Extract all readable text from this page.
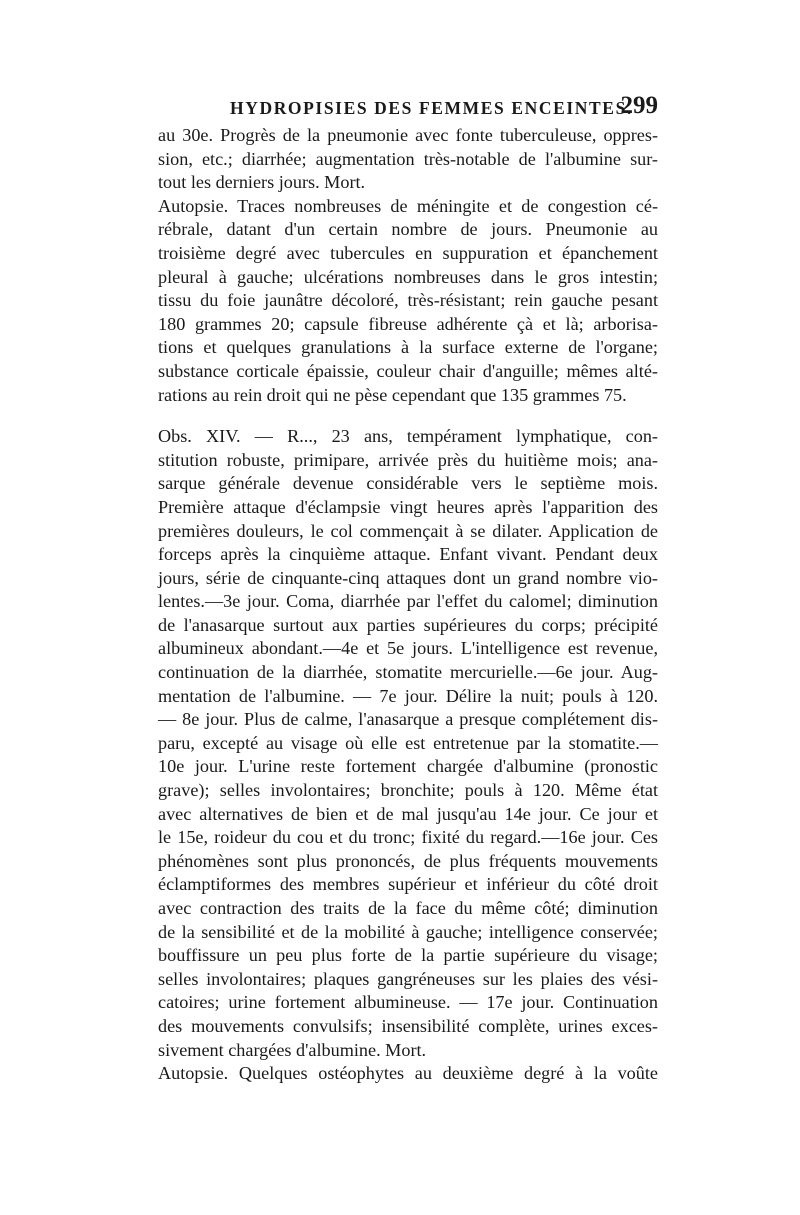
HYDROPISIES DES FEMMES ENCEINTES.
299
au 30e. Progrès de la pneumonie avec fonte tuberculeuse, oppres-
sion, etc.; diarrhée; augmentation très-notable de l'albumine sur-
tout les derniers jours. Mort.
Autopsie. Traces nombreuses de méningite et de congestion cé-
rébrale, datant d'un certain nombre de jours. Pneumonie au
troisième degré avec tubercules en suppuration et épanchement
pleural à gauche; ulcérations nombreuses dans le gros intestin;
tissu du foie jaunâtre décoloré, très-résistant; rein gauche pesant
180 grammes 20; capsule fibreuse adhérente çà et là; arborisa-
tions et quelques granulations à la surface externe de l'organe;
substance corticale épaissie, couleur chair d'anguille; mêmes alté-
rations au rein droit qui ne pèse cependant que 135 grammes 75.
Obs. XIV. — R..., 23 ans, tempérament lymphatique, con-
stitution robuste, primipare, arrivée près du huitième mois; ana-
sarque générale devenue considérable vers le septième mois.
Première attaque d'éclampsie vingt heures après l'apparition des
premières douleurs, le col commençait à se dilater. Application de
forceps après la cinquième attaque. Enfant vivant. Pendant deux
jours, série de cinquante-cinq attaques dont un grand nombre vio-
lentes.—3e jour. Coma, diarrhée par l'effet du calomel; diminution
de l'anasarque surtout aux parties supérieures du corps; précipité
albumineux abondant.—4e et 5e jours. L'intelligence est revenue,
continuation de la diarrhée, stomatite mercurielle.—6e jour. Aug-
mentation de l'albumine. — 7e jour. Délire la nuit; pouls à 120.
— 8e jour. Plus de calme, l'anasarque a presque complétement dis-
paru, excepté au visage où elle est entretenue par la stomatite.—
10e jour. L'urine reste fortement chargée d'albumine (pronostic
grave); selles involontaires; bronchite; pouls à 120. Même état
avec alternatives de bien et de mal jusqu'au 14e jour. Ce jour et
le 15e, roideur du cou et du tronc; fixité du regard.—16e jour. Ces
phénomènes sont plus prononcés, de plus fréquents mouvements
éclamptiformes des membres supérieur et inférieur du côté droit
avec contraction des traits de la face du même côté; diminution
de la sensibilité et de la mobilité à gauche; intelligence conservée;
bouffissure un peu plus forte de la partie supérieure du visage;
selles involontaires; plaques gangréneuses sur les plaies des vési-
catoires; urine fortement albumineuse. — 17e jour. Continuation
des mouvements convulsifs; insensibilité complète, urines exces-
sivement chargées d'albumine. Mort.
Autopsie. Quelques ostéophytes au deuxième degré à la voûte
